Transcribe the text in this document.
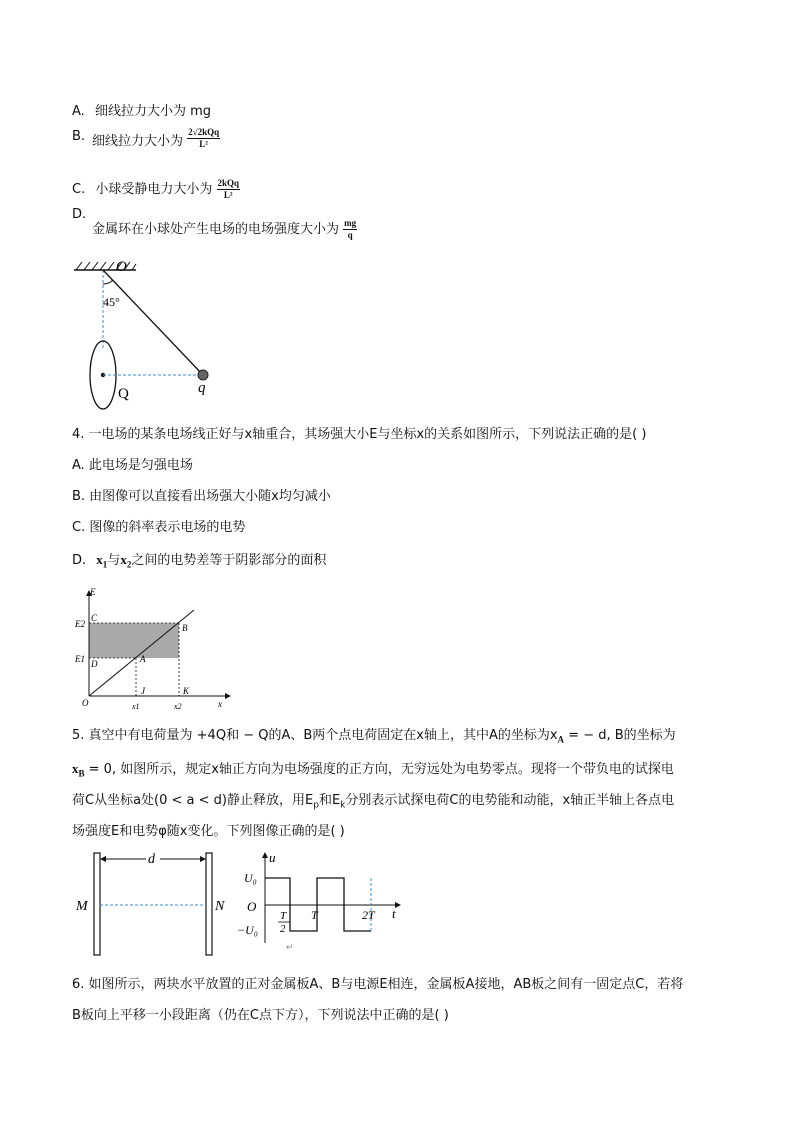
A. 细线拉力大小为 mg
B. 细线拉力大小为 $\frac{\text{2√2kQq}}{\text{L²}}$
C. 小球受静电力大小为 $\frac{\text{2kQq}}{\text{L²}}$
D.
金属环在小球处产生电场的电场强度大小为 $\frac{mg}{q}$
O
45°
Q	q
4. 一电场的某条电场线正好与x轴重合，其场强大小E与坐标x的关系如图所示，下列说法正确的是( )
A. 此电场是匀强电场
B. 由图像可以直接看出场强大小随x均匀减小
C. 图像的斜率表示电场的电势
D. $x_1$与$x_2$之间的电势差等于阴影部分的面积
E
x
O
E2
E1
C
B
D	A
J	K
x1	x2
5. 真空中有电荷量为 +4Q和 − Q的A、B两个点电荷固定在x轴上，其中A的坐标为$x_A$ = − d, B的坐标为
$x_B = 0$, 如图所示，规定x轴正方向为电场强度的正方向，无穷远处为电势零点。现将一个带负电的试探电
荷C从坐标a处(0 < a < d)静止释放，用$E_p$和$E_k$分别表示试探电荷C的电势能和动能，x轴正半轴上各点电
场强度E和电势φ随x变化。下列图像正确的是( )
d
M	N
u
t
U₀
O
−U₀
T
2
T	2T
↵
6. 如图所示，两块水平放置的正对金属板A、B与电源E相连，金属板A接地，AB板之间有一固定点C，若将
B板向上平移一小段距离（仍在C点下方），下列说法中正确的是( )
